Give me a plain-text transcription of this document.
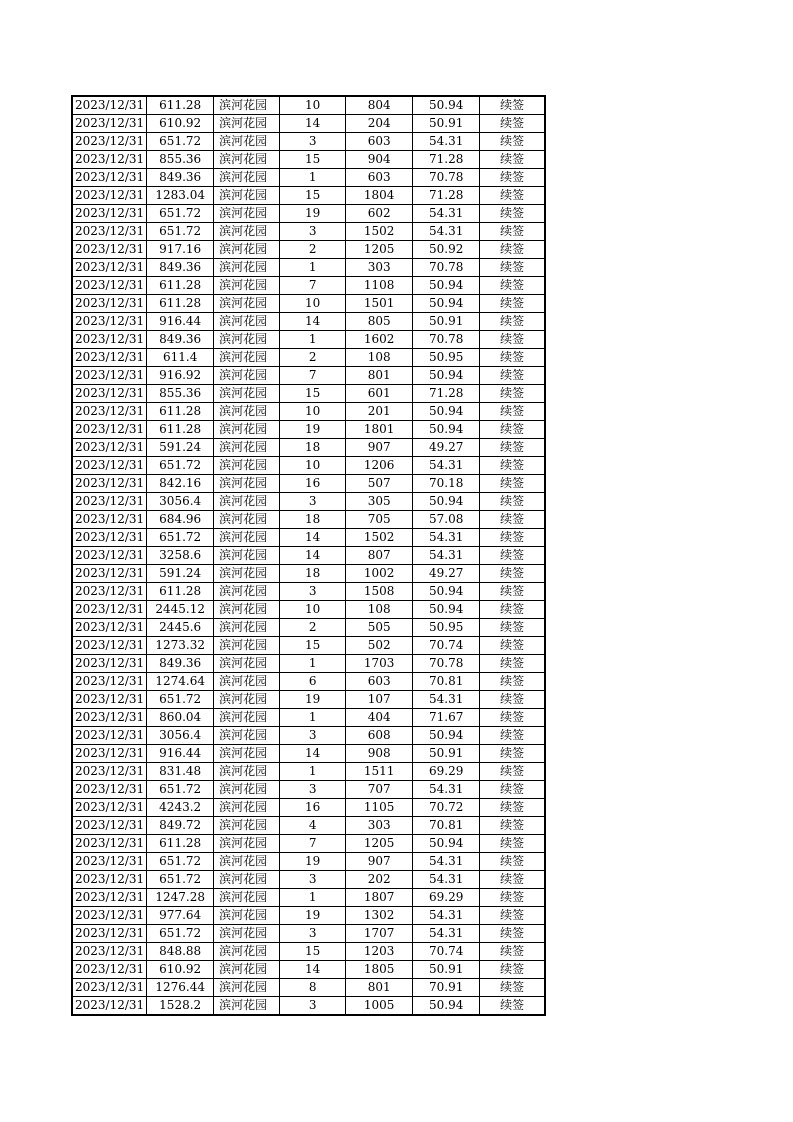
2023/12/31	611.28	滨河花园	10	804	50.94	续签
2023/12/31	610.92	滨河花园	14	204	50.91	续签
2023/12/31	651.72	滨河花园	3	603	54.31	续签
2023/12/31	855.36	滨河花园	15	904	71.28	续签
2023/12/31	849.36	滨河花园	1	603	70.78	续签
2023/12/31	1283.04	滨河花园	15	1804	71.28	续签
2023/12/31	651.72	滨河花园	19	602	54.31	续签
2023/12/31	651.72	滨河花园	3	1502	54.31	续签
2023/12/31	917.16	滨河花园	2	1205	50.92	续签
2023/12/31	849.36	滨河花园	1	303	70.78	续签
2023/12/31	611.28	滨河花园	7	1108	50.94	续签
2023/12/31	611.28	滨河花园	10	1501	50.94	续签
2023/12/31	916.44	滨河花园	14	805	50.91	续签
2023/12/31	849.36	滨河花园	1	1602	70.78	续签
2023/12/31	611.4	滨河花园	2	108	50.95	续签
2023/12/31	916.92	滨河花园	7	801	50.94	续签
2023/12/31	855.36	滨河花园	15	601	71.28	续签
2023/12/31	611.28	滨河花园	10	201	50.94	续签
2023/12/31	611.28	滨河花园	19	1801	50.94	续签
2023/12/31	591.24	滨河花园	18	907	49.27	续签
2023/12/31	651.72	滨河花园	10	1206	54.31	续签
2023/12/31	842.16	滨河花园	16	507	70.18	续签
2023/12/31	3056.4	滨河花园	3	305	50.94	续签
2023/12/31	684.96	滨河花园	18	705	57.08	续签
2023/12/31	651.72	滨河花园	14	1502	54.31	续签
2023/12/31	3258.6	滨河花园	14	807	54.31	续签
2023/12/31	591.24	滨河花园	18	1002	49.27	续签
2023/12/31	611.28	滨河花园	3	1508	50.94	续签
2023/12/31	2445.12	滨河花园	10	108	50.94	续签
2023/12/31	2445.6	滨河花园	2	505	50.95	续签
2023/12/31	1273.32	滨河花园	15	502	70.74	续签
2023/12/31	849.36	滨河花园	1	1703	70.78	续签
2023/12/31	1274.64	滨河花园	6	603	70.81	续签
2023/12/31	651.72	滨河花园	19	107	54.31	续签
2023/12/31	860.04	滨河花园	1	404	71.67	续签
2023/12/31	3056.4	滨河花园	3	608	50.94	续签
2023/12/31	916.44	滨河花园	14	908	50.91	续签
2023/12/31	831.48	滨河花园	1	1511	69.29	续签
2023/12/31	651.72	滨河花园	3	707	54.31	续签
2023/12/31	4243.2	滨河花园	16	1105	70.72	续签
2023/12/31	849.72	滨河花园	4	303	70.81	续签
2023/12/31	611.28	滨河花园	7	1205	50.94	续签
2023/12/31	651.72	滨河花园	19	907	54.31	续签
2023/12/31	651.72	滨河花园	3	202	54.31	续签
2023/12/31	1247.28	滨河花园	1	1807	69.29	续签
2023/12/31	977.64	滨河花园	19	1302	54.31	续签
2023/12/31	651.72	滨河花园	3	1707	54.31	续签
2023/12/31	848.88	滨河花园	15	1203	70.74	续签
2023/12/31	610.92	滨河花园	14	1805	50.91	续签
2023/12/31	1276.44	滨河花园	8	801	70.91	续签
2023/12/31	1528.2	滨河花园	3	1005	50.94	续签
